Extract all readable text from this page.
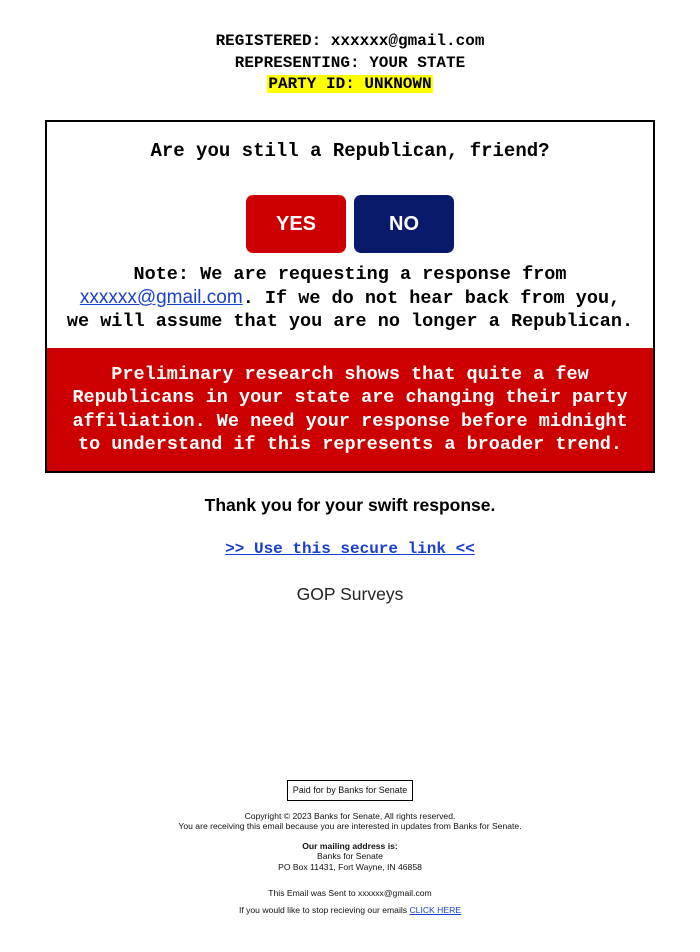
REGISTERED: xxxxxx@gmail.com
REPRESENTING: YOUR STATE
PARTY ID: UNKNOWN
Are you still a Republican, friend?
YES	NO
Note: We are requesting a response from
xxxxxx@gmail.com. If we do not hear back from you,
we will assume that you are no longer a Republican.
Preliminary research shows that quite a few
Republicans in your state are changing their party
affiliation. We need your response before midnight
to understand if this represents a broader trend.
Thank you for your swift response.
>> Use this secure link <<
GOP Surveys
Paid for by Banks for Senate
Copyright © 2023 Banks for Senate, All rights reserved.
You are receiving this email because you are interested in updates from Banks for Senate.
Our mailing address is:
Banks for Senate
PO Box 11431, Fort Wayne, IN 46858
This Email was Sent to xxxxxx@gmail.com
If you would like to stop recieving our emails CLICK HERE
